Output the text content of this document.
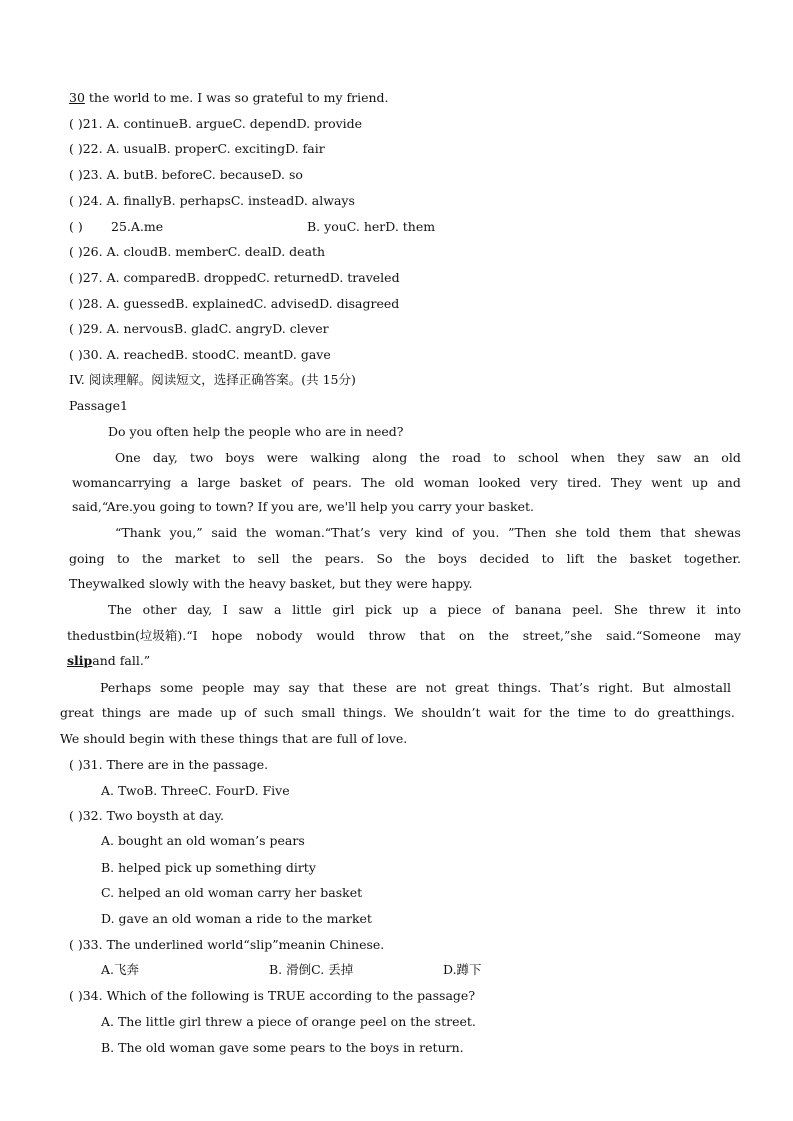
30 the world to me. I was so grateful to my friend.
( )21. A. continueB. argueC. dependD. provide
( )22. A. usualB. properC. excitingD. fair
( )23. A. butB. beforeC. becauseD. so
( )24. A. finallyB. perhapsC. insteadD. always
( ) 25.A.me	B. youC. herD. them
( )26. A. cloudB. memberC. dealD. death
( )27. A. comparedB. droppedC. returnedD. traveled
( )28. A. guessedB. explainedC. advisedD. disagreed
( )29. A. nervousB. gladC. angryD. clever
( )30. A. reachedB. stoodC. meantD. gave
IV. 阅读理解。阅读短文，选择正确答案。(共 15分)
Passage1
Do you often help the people who are in need?
One day, two boys were walking along the road to school when they saw an old
womancarrying a large basket of pears. The old woman looked very tired. They went up and
said,“Are.you going to town? If you are, we'll help you carry your basket.
“Thank you,” said the woman.“That’s very kind of you. ”Then she told them that shewas
going to the market to sell the pears. So the boys decided to lift the basket together.
Theywalked slowly with the heavy basket, but they were happy.
The other day, I saw a little girl pick up a piece of banana peel. She threw it into
thedustbin(垃圾箱).“I hope nobody would throw that on the street,”she said.“Someone may
slipand fall.”
Perhaps some people may say that these are not great things. That’s right. But almostall
great things are made up of such small things. We shouldn’t wait for the time to do greatthings.
We should begin with these things that are full of love.
( )31. There are in the passage.
A. TwoB. ThreeC. FourD. Five
( )32. Two boysth at day.
A. bought an old woman’s pears
B. helped pick up something dirty
C. helped an old woman carry her basket
D. gave an old woman a ride to the market
( )33. The underlined world“slip”meanin Chinese.
A.飞奔	B. 滑倒C. 丢掉	D.蹲下
( )34. Which of the following is TRUE according to the passage?
A. The little girl threw a piece of orange peel on the street.
B. The old woman gave some pears to the boys in return.
